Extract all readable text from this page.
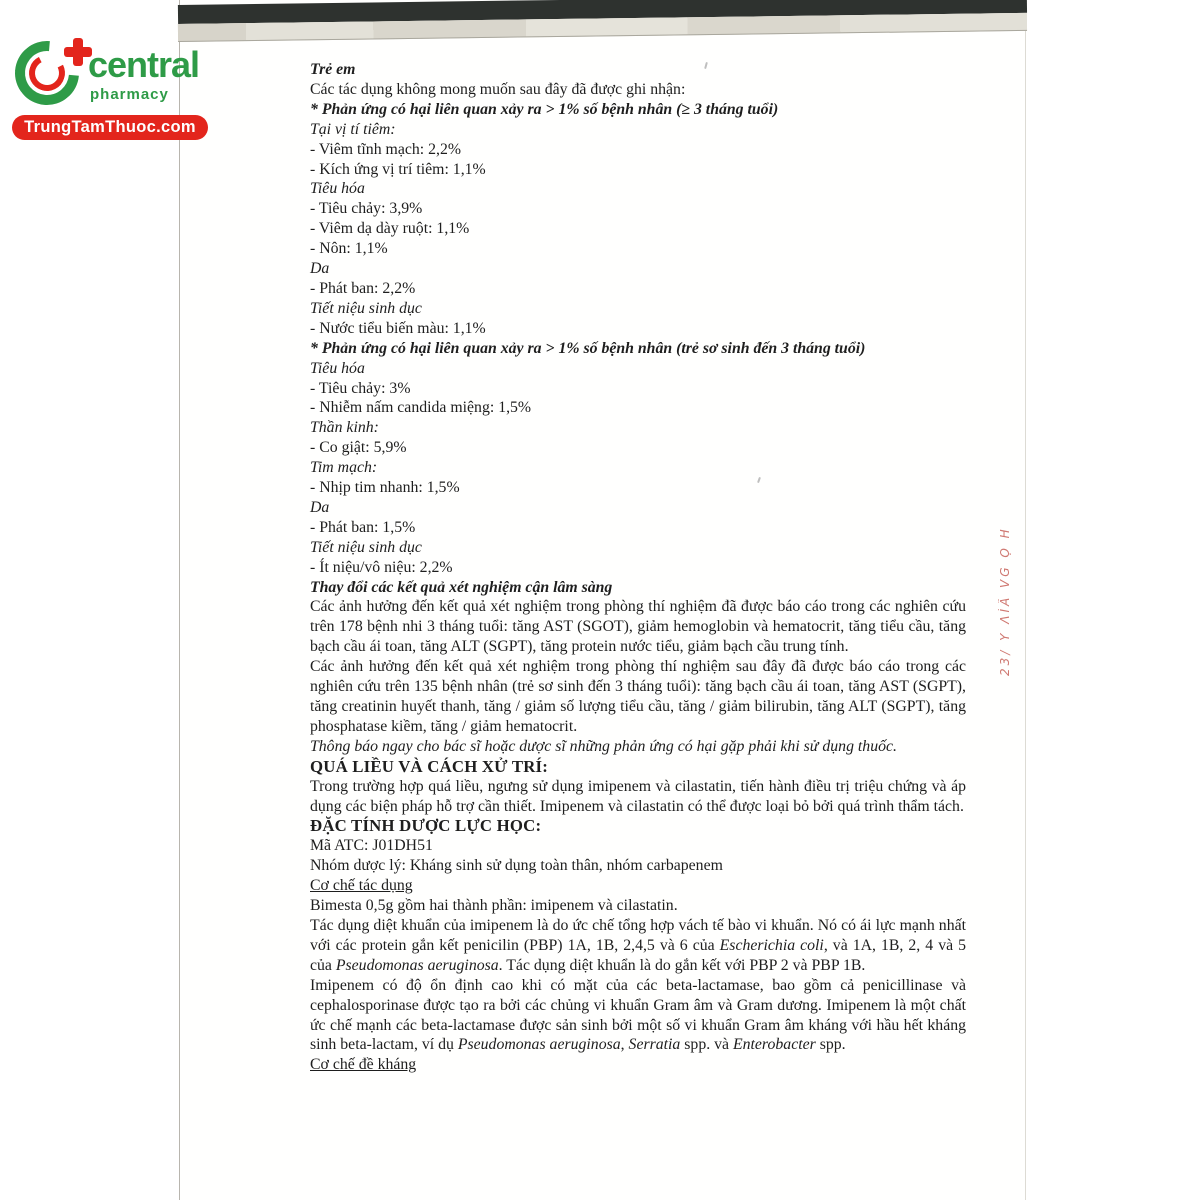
Trẻ em
Các tác dụng không mong muốn sau đây đã được ghi nhận:
* Phản ứng có hại liên quan xảy ra > 1% số bệnh nhân (≥ 3 tháng tuổi)
Tại vị tí tiêm:
- Viêm tĩnh mạch: 2,2%
- Kích ứng vị trí tiêm: 1,1%
Tiêu hóa
- Tiêu chảy: 3,9%
- Viêm dạ dày ruột: 1,1%
- Nôn: 1,1%
Da
- Phát ban: 2,2%
Tiết niệu sinh dục
- Nước tiểu biến màu: 1,1%
* Phản ứng có hại liên quan xảy ra > 1% số bệnh nhân (trẻ sơ sinh đến 3 tháng tuổi)
Tiêu hóa
- Tiêu chảy: 3%
- Nhiễm nấm candida miệng: 1,5%
Thần kinh:
- Co giật: 5,9%
Tim mạch:
- Nhịp tim nhanh: 1,5%
Da
- Phát ban: 1,5%
Tiết niệu sinh dục
- Ít niệu/vô niệu: 2,2%
Thay đổi các kết quả xét nghiệm cận lâm sàng
Các ảnh hưởng đến kết quả xét nghiệm trong phòng thí nghiệm đã được báo cáo trong các nghiên cứu trên 178 bệnh nhi 3 tháng tuổi: tăng AST (SGOT), giảm hemoglobin và hematocrit, tăng tiểu cầu, tăng bạch cầu ái toan, tăng ALT (SGPT), tăng protein nước tiểu, giảm bạch cầu trung tính.
Các ảnh hưởng đến kết quả xét nghiệm trong phòng thí nghiệm sau đây đã được báo cáo trong các nghiên cứu trên 135 bệnh nhân (trẻ sơ sinh đến 3 tháng tuổi): tăng bạch cầu ái toan, tăng AST (SGPT), tăng creatinin huyết thanh, tăng / giảm số lượng tiểu cầu, tăng / giảm bilirubin, tăng ALT (SGPT), tăng phosphatase kiềm, tăng / giảm hematocrit.
Thông báo ngay cho bác sĩ hoặc dược sĩ những phản ứng có hại gặp phải khi sử dụng thuốc.
QUÁ LIỀU VÀ CÁCH XỬ TRÍ:
Trong trường hợp quá liều, ngưng sử dụng imipenem và cilastatin, tiến hành điều trị triệu chứng và áp dụng các biện pháp hỗ trợ cần thiết. Imipenem và cilastatin có thể được loại bỏ bởi quá trình thẩm tách.
ĐẶC TÍNH DƯỢC LỰC HỌC:
Mã ATC: J01DH51
Nhóm dược lý: Kháng sinh sử dụng toàn thân, nhóm carbapenem
Cơ chế tác dụng
Bimesta 0,5g gồm hai thành phần: imipenem và cilastatin.
Tác dụng diệt khuẩn của imipenem là do ức chế tổng hợp vách tế bào vi khuẩn. Nó có ái lực mạnh nhất với các protein gắn kết penicilin (PBP) 1A, 1B, 2,4,5 và 6 của Escherichia coli, và 1A, 1B, 2, 4 và 5 của Pseudomonas aeruginosa. Tác dụng diệt khuẩn là do gắn kết với PBP 2 và PBP 1B.
Imipenem có độ ổn định cao khi có mặt của các beta-lactamase, bao gồm cả penicillinase và cephalosporinase được tạo ra bởi các chủng vi khuẩn Gram âm và Gram dương. Imipenem là một chất ức chế mạnh các beta-lactamase được sản sinh bởi một số vi khuẩn Gram âm kháng với hầu hết kháng sinh beta-lactam, ví dụ Pseudomonas aeruginosa, Serratia spp. và Enterobacter spp.
Cơ chế đề kháng
23/ Y ΛÌÃ VG Ọ H
central
pharmacy
TrungTamThuoc.com
